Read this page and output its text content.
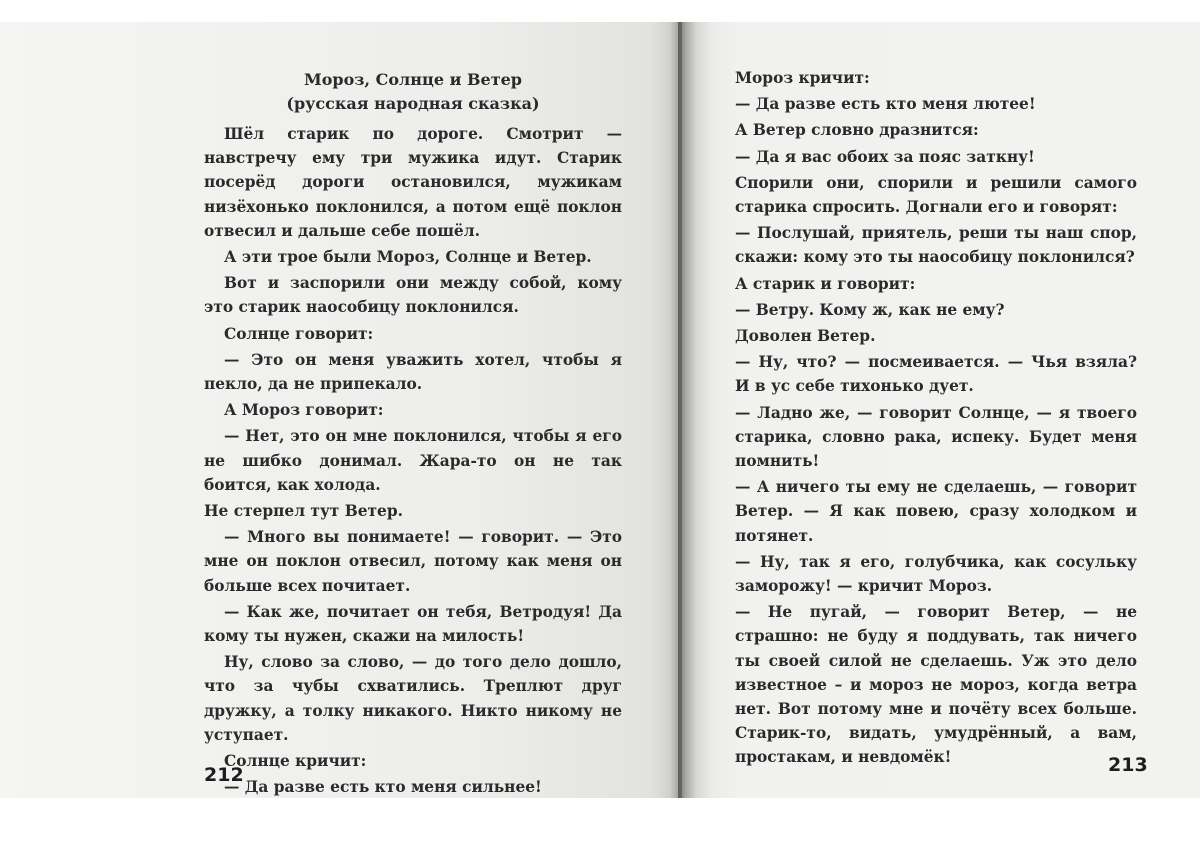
Мороз, Солнце и Ветер
(русская народная сказка)

Шёл старик по дороге. Смотрит — навстречу ему три мужика идут. Старик посерёд дороги остановился, мужикам низёхонько поклонился, а потом ещё поклон отвесил и дальше себе пошёл.

А эти трое были Мороз, Солнце и Ветер.

Вот и заспорили они между собой, кому это старик наособицу поклонился.

Солнце говорит:

— Это он меня уважить хотел, чтобы я пекло, да не припекало.

А Мороз говорит:

— Нет, это он мне поклонился, чтобы я его не шибко донимал. Жара-то он не так боится, как холода.

Не стерпел тут Ветер.

— Много вы понимаете! — говорит. — Это мне он поклон отвесил, потому как меня он больше всех почитает.

— Как же, почитает он тебя, Ветродуя! Да кому ты нужен, скажи на милость!

Ну, слово за слово, — до того дело дошло, что за чубы схватились. Треплют друг дружку, а толку никакого. Никто никому не уступает.

Солнце кричит:

— Да разве есть кто меня сильнее!

212

Мороз кричит:

— Да разве есть кто меня лютее!

А Ветер словно дразнится:

— Да я вас обоих за пояс заткну!

Спорили они, спорили и решили самого старика спросить. Догнали его и говорят:

— Послушай, приятель, реши ты наш спор, скажи: кому это ты наособицу поклонился?

А старик и говорит:

— Ветру. Кому ж, как не ему?

Доволен Ветер.

— Ну, что? — посмеивается. — Чья взяла? И в ус себе тихонько дует.

— Ладно же, — говорит Солнце, — я твоего старика, словно рака, испеку. Будет меня помнить!

— А ничего ты ему не сделаешь, — говорит Ветер. — Я как повею, сразу холодком и потянет.

— Ну, так я его, голубчика, как сосульку заморожу! — кричит Мороз.

— Не пугай, — говорит Ветер, — не страшно: не буду я поддувать, так ничего ты своей силой не сделаешь. Уж это дело известное – и мороз не мороз, когда ветра нет. Вот потому мне и почёту всех больше. Старик-то, видать, умудрённый, а вам, простакам, и невдомёк!	213
